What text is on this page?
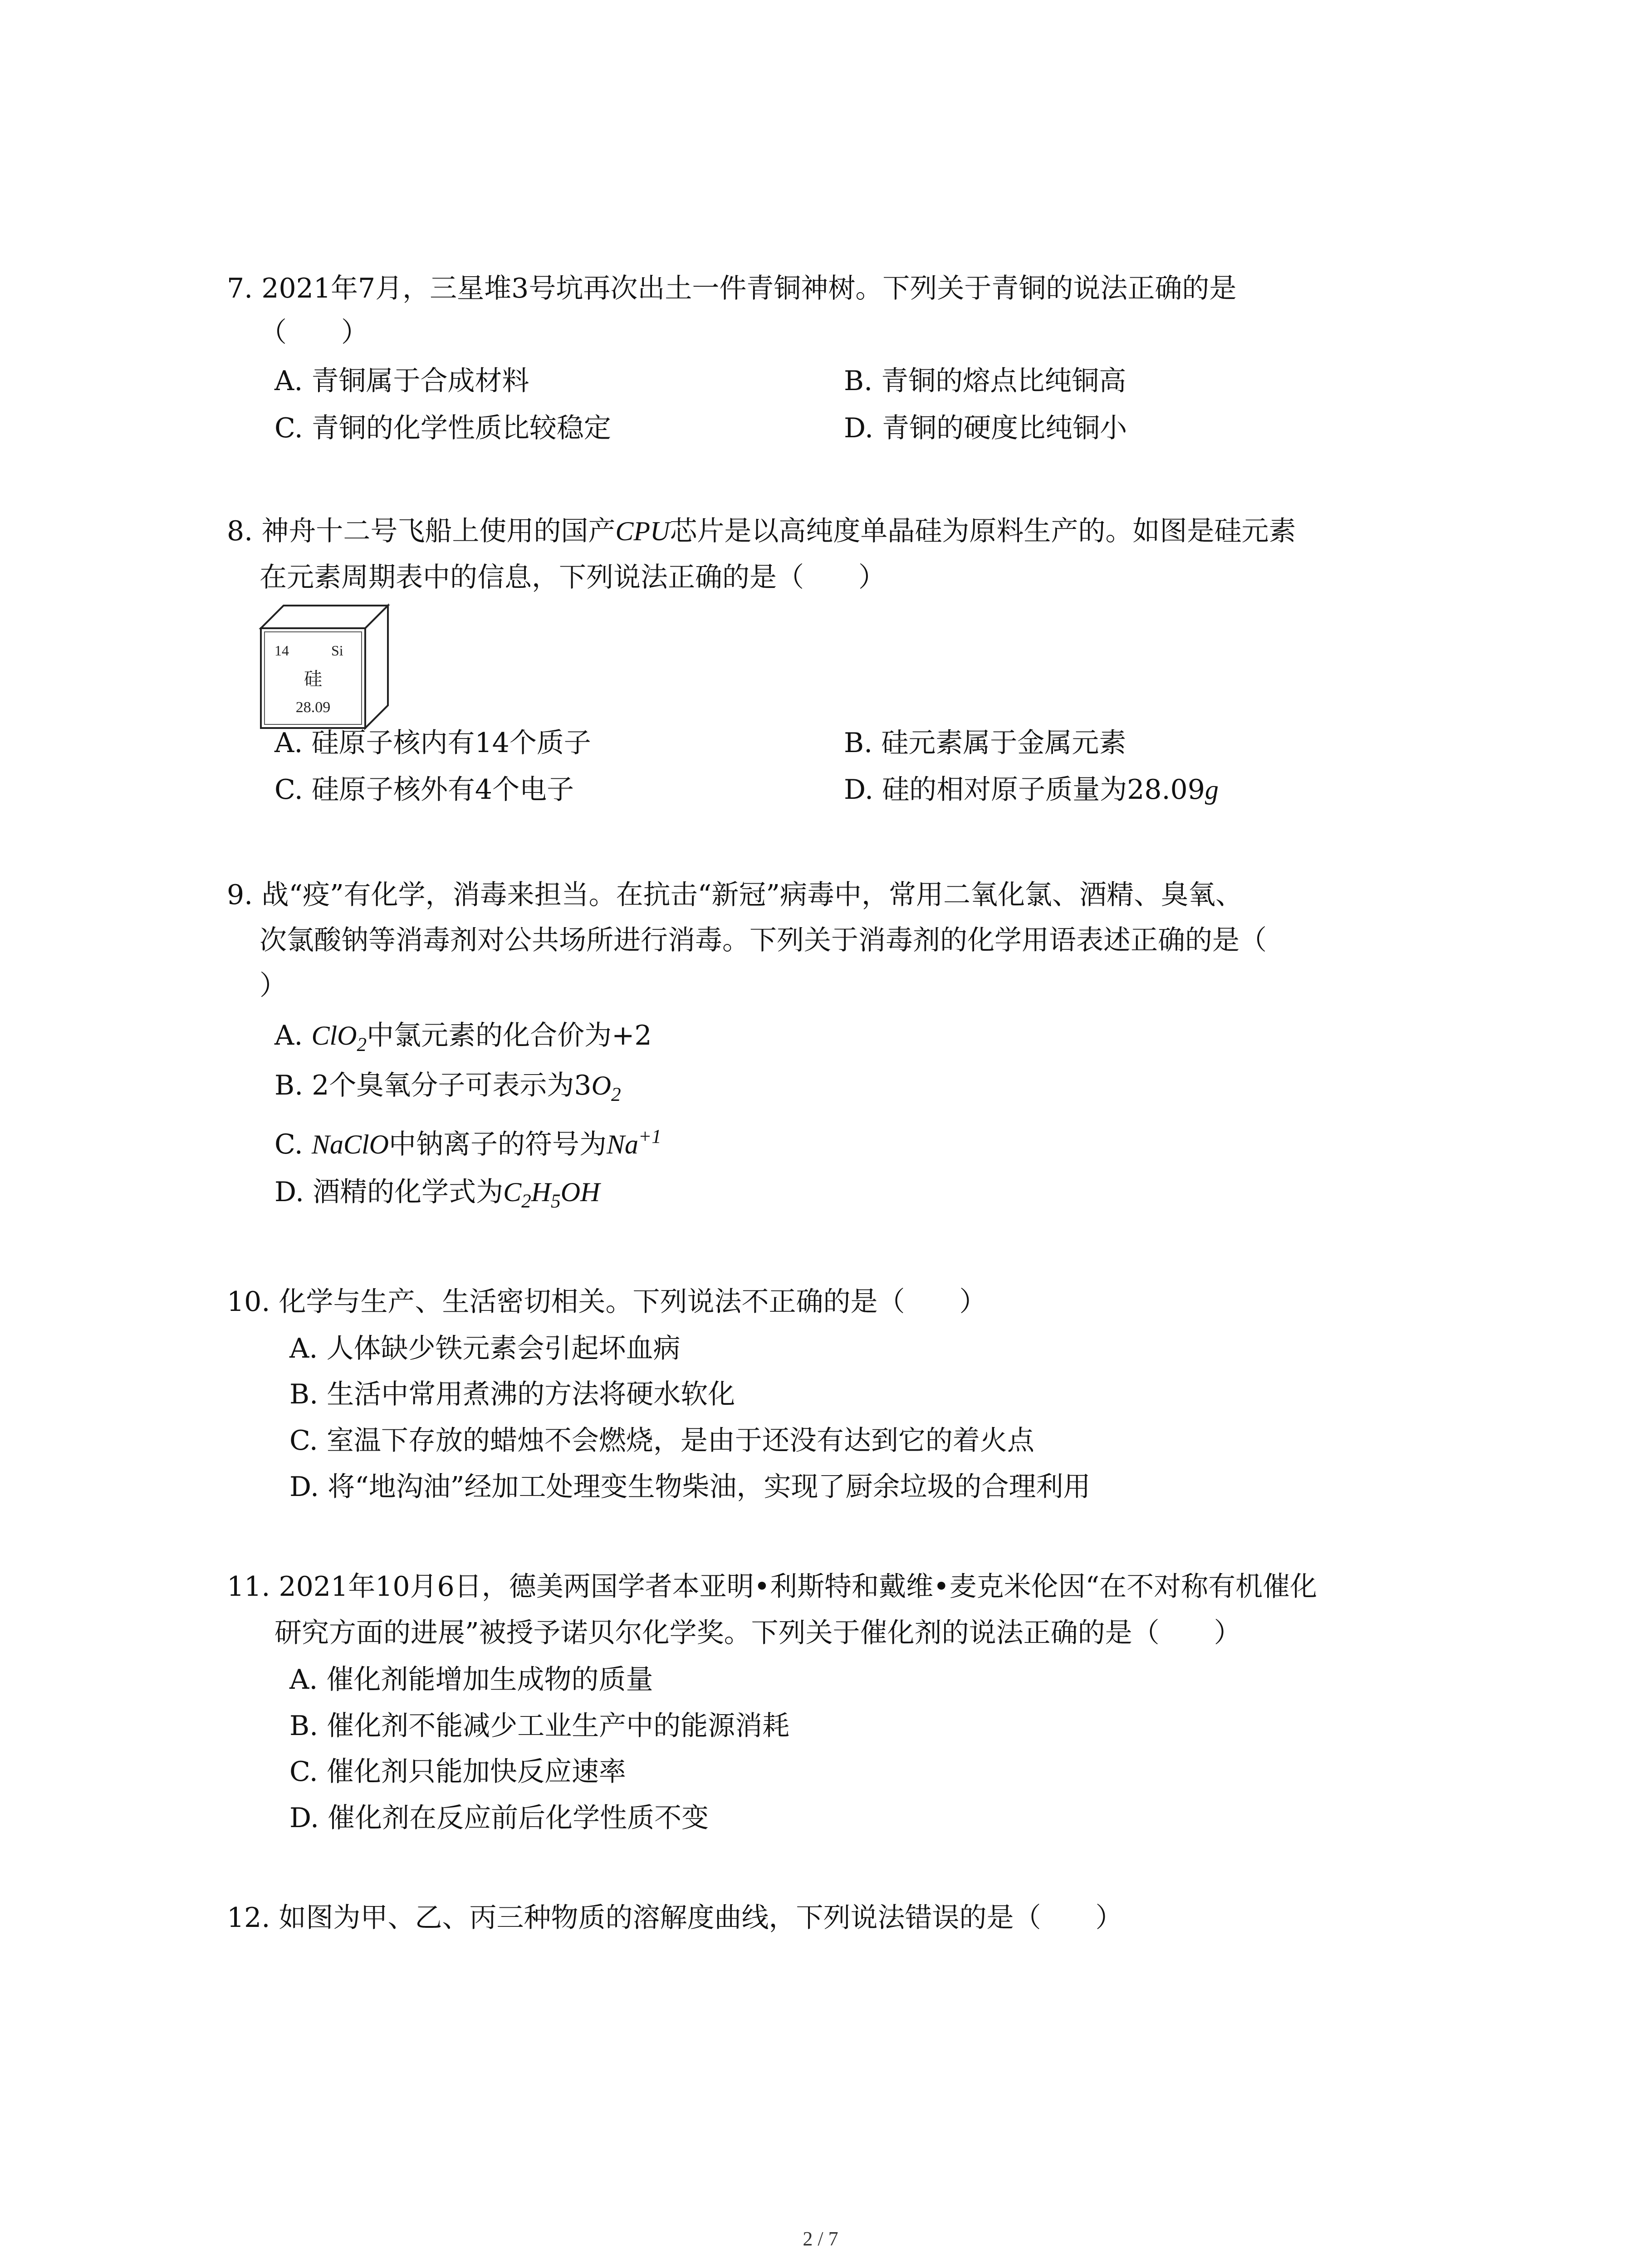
7. 2021年7月，三星堆3号坑再次出土一件青铜神树。下列关于青铜的说法正确的是
（　　）
A. 青铜属于合成材料	B. 青铜的熔点比纯铜高
C. 青铜的化学性质比较稳定	D. 青铜的硬度比纯铜小
8. 神舟十二号飞船上使用的国产CPU芯片是以高纯度单晶硅为原料生产的。如图是硅元素
在元素周期表中的信息，下列说法正确的是（　　）
14	Si
硅
28.09
A. 硅原子核内有14个质子	B. 硅元素属于金属元素
C. 硅原子核外有4个电子	D. 硅的相对原子质量为28.09g
9. 战“疫”有化学，消毒来担当。在抗击“新冠”病毒中，常用二氧化氯、酒精、臭氧、
次氯酸钠等消毒剂对公共场所进行消毒。下列关于消毒剂的化学用语表述正确的是（
）
A. ClO$_2$中氯元素的化合价为+2
B. 2个臭氧分子可表示为$3O_2$
C. NaClO中钠离子的符号为$Na^{+1}$
D. 酒精的化学式为$C_2H_5OH$
10. 化学与生产、生活密切相关。下列说法不正确的是（　　）
A. 人体缺少铁元素会引起坏血病
B. 生活中常用煮沸的方法将硬水软化
C. 室温下存放的蜡烛不会燃烧，是由于还没有达到它的着火点
D. 将“地沟油”经加工处理变生物柴油，实现了厨余垃圾的合理利用
11. 2021年10月6日，德美两国学者本亚明•利斯特和戴维•麦克米伦因“在不对称有机催化
研究方面的进展”被授予诺贝尔化学奖。下列关于催化剂的说法正确的是（　　）
A. 催化剂能增加生成物的质量
B. 催化剂不能减少工业生产中的能源消耗
C. 催化剂只能加快反应速率
D. 催化剂在反应前后化学性质不变
12. 如图为甲、乙、丙三种物质的溶解度曲线，下列说法错误的是（　　）
2 / 7
